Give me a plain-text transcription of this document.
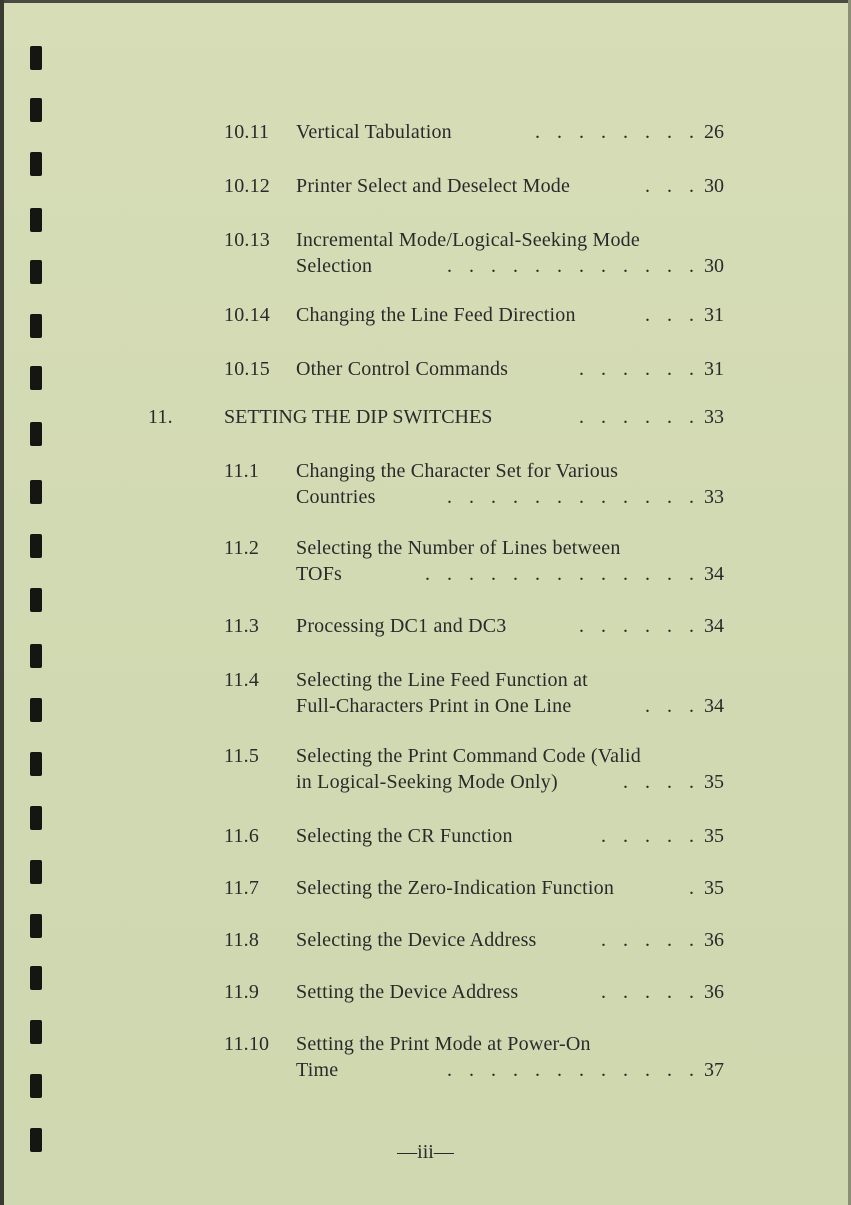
10.11 Vertical Tabulation	. . . . . . . . 26
10.12 Printer Select and Deselect Mode	. . . 30
10.13 Incremental Mode/Logical-Seeking Mode
Selection	. . . . . . . . . . . . 30
10.14 Changing the Line Feed Direction	. . . 31
10.15 Other Control Commands	. . . . . . 31
11.	SETTING THE DIP SWITCHES	. . . . . . 33
11.1 Changing the Character Set for Various
Countries	. . . . . . . . . . . . 33
11.2 Selecting the Number of Lines between
TOFs	. . . . . . . . . . . . . 34
11.3 Processing DC1 and DC3	. . . . . . 34
11.4 Selecting the Line Feed Function at
Full-Characters Print in One Line	. . . 34
11.5 Selecting the Print Command Code (Valid
in Logical-Seeking Mode Only)	. . . . 35
11.6 Selecting the CR Function	. . . . . 35
11.7 Selecting the Zero-Indication Function	. 35
11.8 Selecting the Device Address	. . . . . 36
11.9 Setting the Device Address	. . . . . 36
11.10 Setting the Print Mode at Power-On
Time	. . . . . . . . . . . . 37
—iii—
